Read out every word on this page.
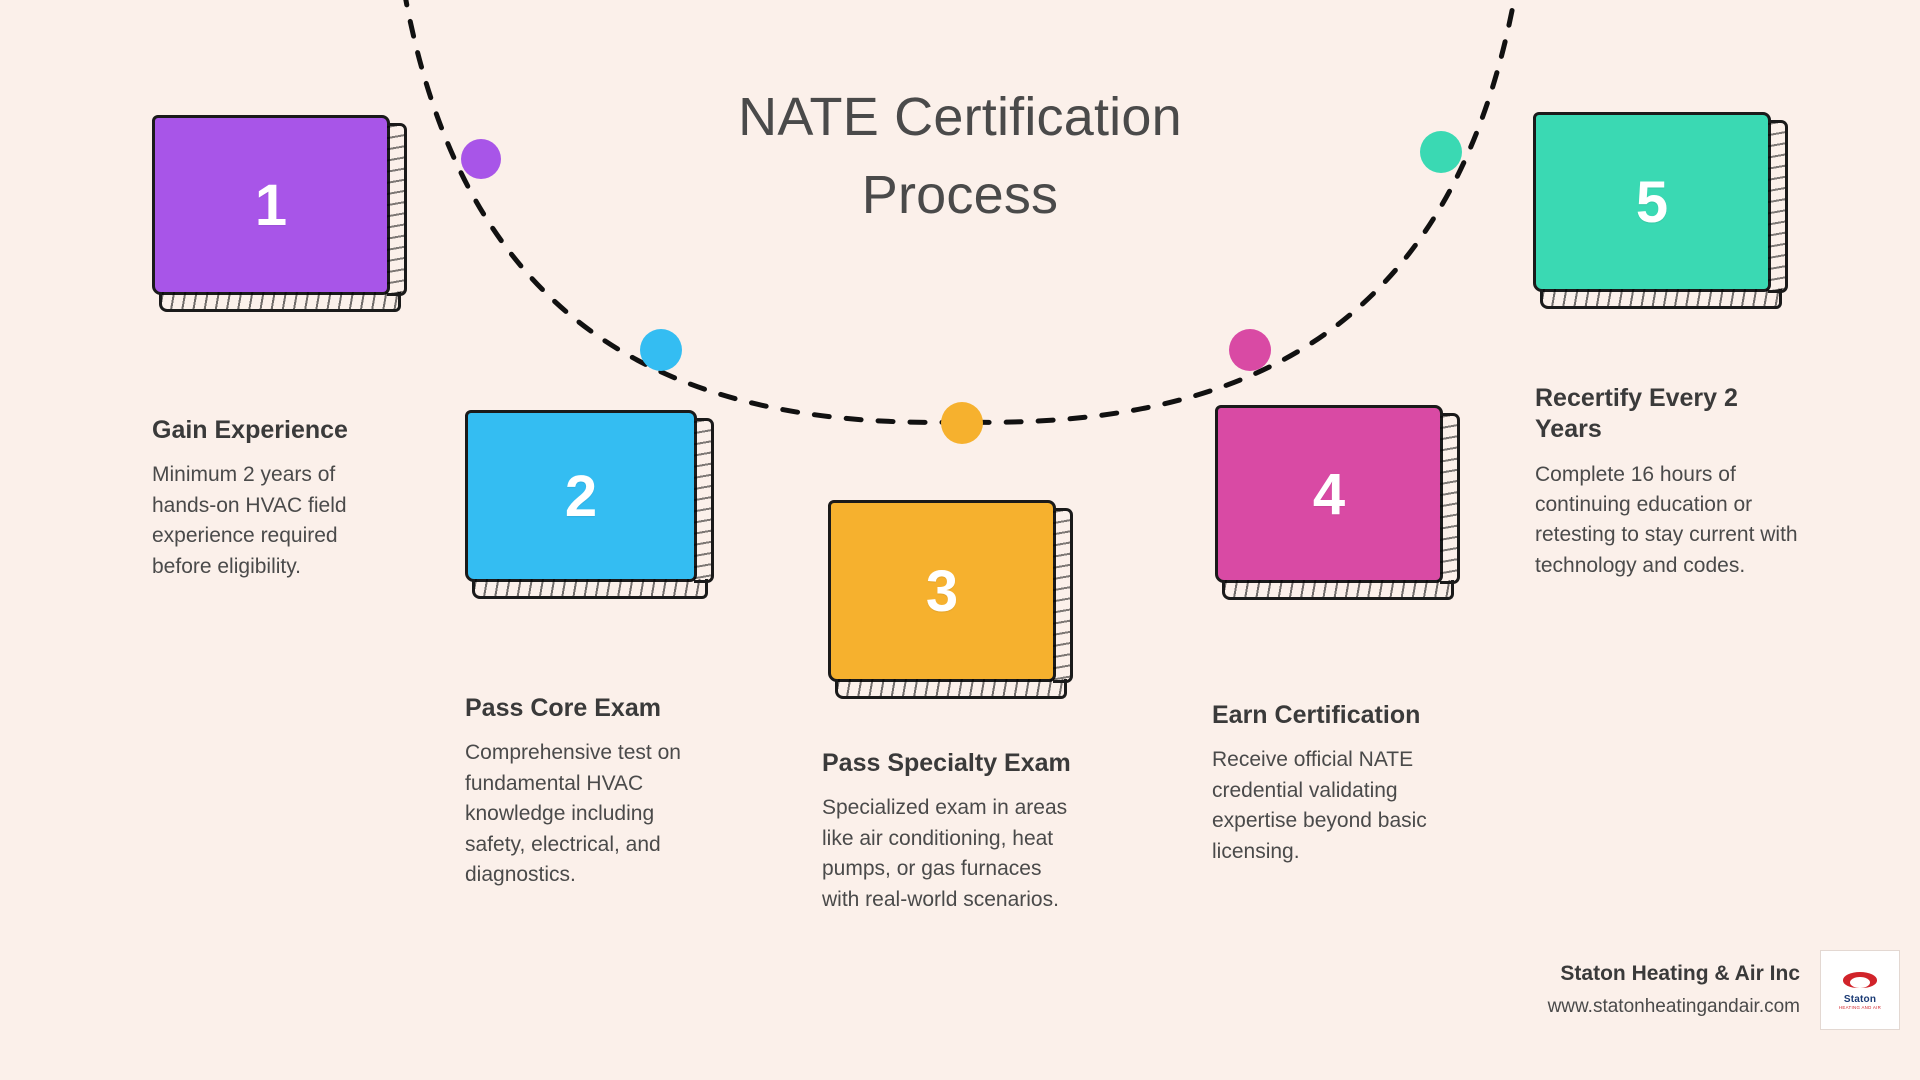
NATE Certification
Process
1
Gain Experience
Minimum 2 years of hands-on HVAC field experience required before eligibility.
2
Pass Core Exam
Comprehensive test on fundamental HVAC knowledge including safety, electrical, and diagnostics.
3
Pass Specialty Exam
Specialized exam in areas like air conditioning, heat pumps, or gas furnaces with real-world scenarios.
4
Earn Certification
Receive official NATE credential validating expertise beyond basic licensing.
5
Recertify Every 2 Years
Complete 16 hours of continuing education or retesting to stay current with technology and codes.
Staton Heating & Air Inc
www.statonheatingandair.com	Staton
HEATING AND AIR
